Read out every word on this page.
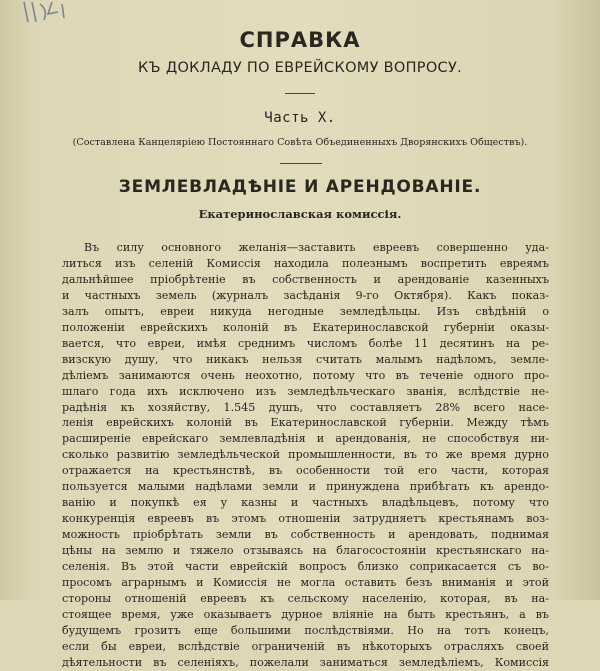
СПРАВКА
КЪ ДОКЛАДУ ПО ЕВРЕЙСКОМУ ВОПРОСУ.
Часть X.
(Составлена Канцеляріею Постояннаго Совѣта Объединенныхъ Дворянскихъ Обществъ).
ЗЕМЛЕВЛАДѢНІЕ И АРЕНДОВАНІЕ.
Екатеринославская комиссія.
Въ силу основного желанія—заставить евреевъ совершенно уда-
литься изъ селеній Комиссія находила полезнымъ воспретить евреямъ
дальнѣйшее пріобрѣтеніе въ собственность и арендованіе казенныхъ
и частныхъ земель (журналъ засѣданія 9-го Октября). Какъ показ-
залъ опытъ, евреи никуда негодные земледѣльцы. Изъ свѣдѣній о
положеніи еврейскихъ колоній въ Екатеринославской губерніи оказы-
вается, что евреи, имѣя среднимъ числомъ болѣе 11 десятинъ на ре-
визскую душу, что никакъ нельзя считать малымъ надѣломъ, земле-
дѣліемъ занимаются очень неохотно, потому что въ теченіе одного про-
шлаго года ихъ исключено изъ земледѣльческаго званія, вслѣдствіе не-
радѣнія къ хозяйству, 1.545 душъ, что составляетъ 28% всего насе-
ленія еврейскихъ колоній въ Екатеринославской губерніи. Между тѣмъ
расширеніе еврейскаго землевладѣнія и арендованія, не способствуя ни-
сколько развитію земледѣльческой промышленности, въ то же время дурно
отражается на крестьянствѣ, въ особенности той его части, которая
пользуется малыми надѣлами земли и принуждена прибѣгать къ арендо-
ванію и покупкѣ ея у казны и частныхъ владѣльцевъ, потому что
конкуренція евреевъ въ этомъ отношеніи затрудняетъ крестьянамъ воз-
можность пріобрѣтать земли въ собственность и арендовать, поднимая
цѣны на землю и тяжело отзываясь на благосостояніи крестьянскаго на-
селенія. Въ этой части еврейскій вопросъ близко соприкасается съ во-
просомъ аграрнымъ и Комиссія не могла оставить безъ вниманія и этой
стороны отношеній евреевъ къ сельскому населенію, которая, въ на-
стоящее время, уже оказываетъ дурное вліяніе на быть крестьянъ, а въ
будущемъ грозитъ еще большими послѣдствіями. Но на тотъ конецъ,
если бы евреи, вслѣдствіе ограниченій въ нѣкоторыхъ отрасляхъ своей
дѣятельности въ селеніяхъ, пожелали заниматься земледѣліемъ, Комиссія
